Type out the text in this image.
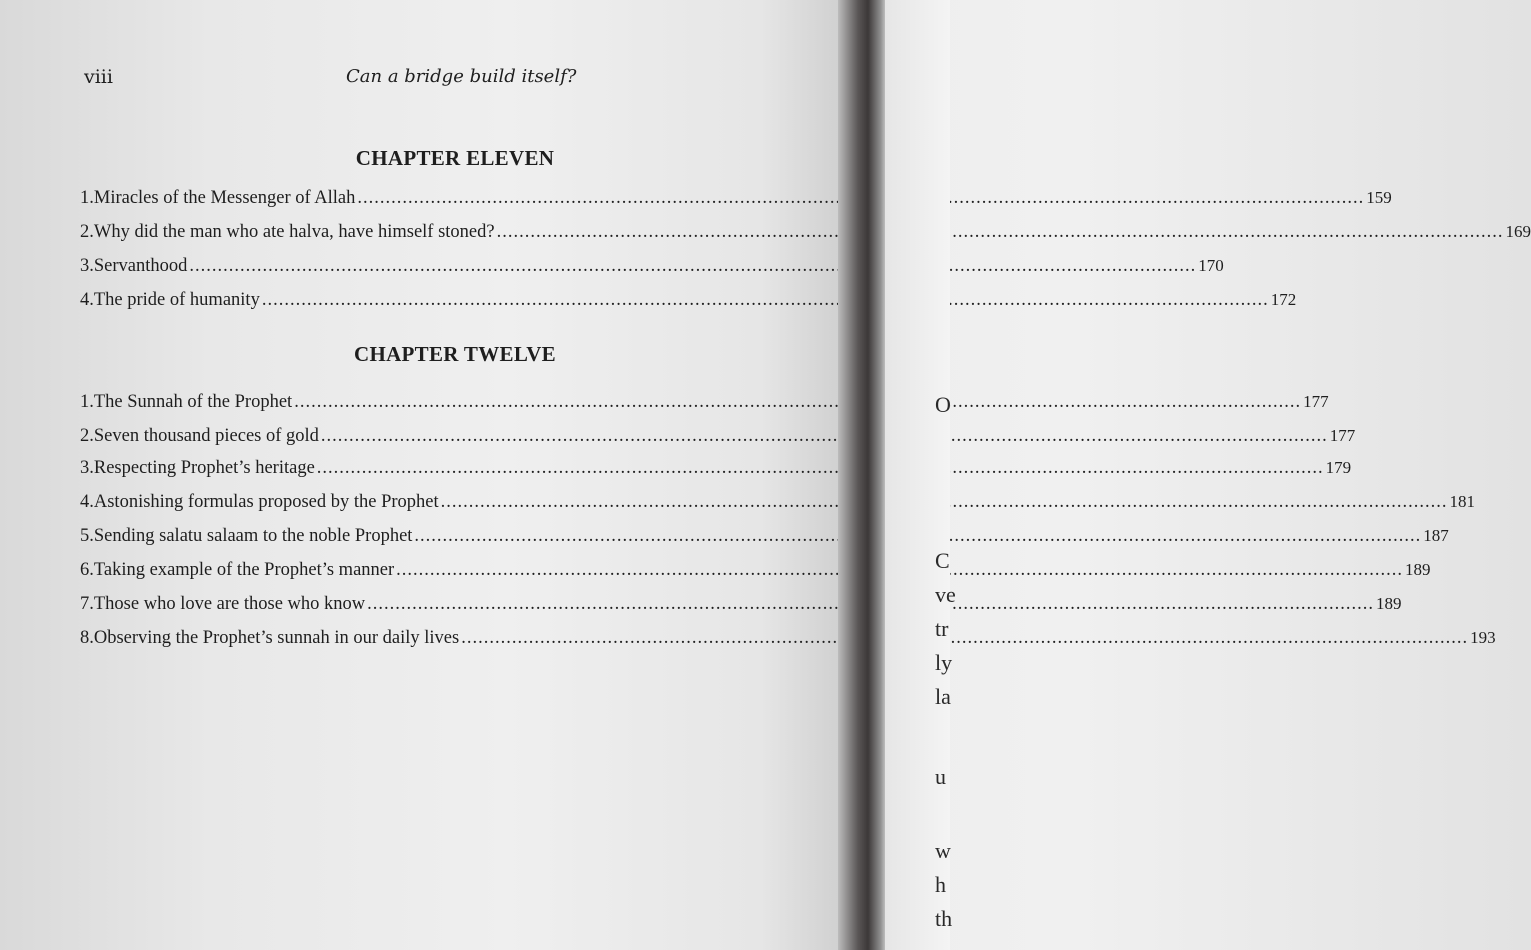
viii	Can a bridge build itself?
CHAPTER ELEVEN
1. Miracles of the Messenger of Allah .....	159
2. Why did the man who ate halva, have himself stoned? .....	169
3. Servanthood .....	170
4. The pride of humanity .....	172
CHAPTER TWELVE
1. The Sunnah of the Prophet .....	177
2. Seven thousand pieces of gold .....	177
3. Respecting Prophet’s heritage .....	179
4. Astonishing formulas proposed by the Prophet .....	181
5. Sending salatu salaam to the noble Prophet .....	187
6. Taking example of the Prophet’s manner .....	189
7. Those who love are those who know .....	189
8. Observing the Prophet’s sunnah in our daily lives .....	193
O
C
ve
tr
ly
la
u
w
h
th
